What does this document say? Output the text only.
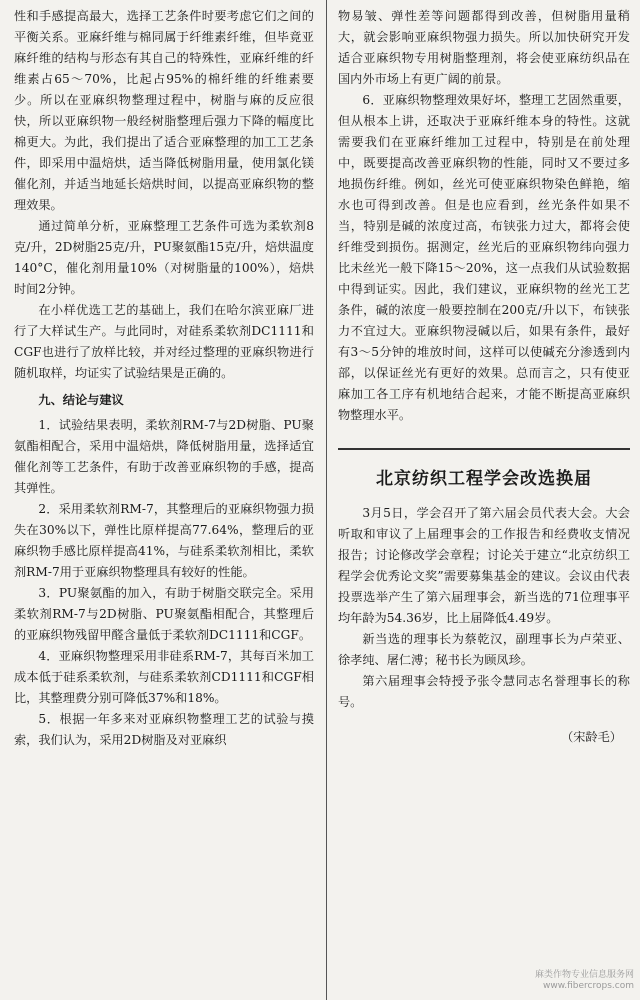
性和手感提高最大，选择工艺条件时要考虑它们之间的平衡关系。亚麻纤维与棉同属于纤维素纤维，但毕竟亚麻纤维的结构与形态有其自己的特殊性，亚麻纤维的纤维素占65～70%，比起占95%的棉纤维的纤维素要少。所以在亚麻织物整理过程中，树脂与麻的反应很快，所以亚麻织物一般经树脂整理后强力下降的幅度比棉更大。为此，我们提出了适合亚麻整理的加工工艺条件，即采用中温焙烘，适当降低树脂用量，使用氯化镁催化剂，并适当地延长焙烘时间，以提高亚麻织物的整理效果。

通过简单分析，亚麻整理工艺条件可选为柔软剂8克/升，2D树脂25克/升，PU聚氨酯15克/升，焙烘温度140°C，催化剂用量10%（对树脂量的100%），焙烘时间2分钟。

在小样优选工艺的基础上，我们在哈尔滨亚麻厂进行了大样试生产。与此同时，对硅系柔软剂DC1111和CGF也进行了放样比较，并对经过整理的亚麻织物进行随机取样，均证实了试验结果是正确的。

九、结论与建议

1．试验结果表明，柔软剂RM-7与2D树脂、PU聚氨酯相配合，采用中温焙烘，降低树脂用量，选择适宜催化剂等工艺条件，有助于改善亚麻织物的手感，提高其弹性。

2．采用柔软剂RM-7，其整理后的亚麻织物强力损失在30%以下，弹性比原样提高77.64%，整理后的亚麻织物手感比原样提高41%，与硅系柔软剂相比，柔软剂RM-7用于亚麻织物整理具有较好的性能。

3．PU聚氨酯的加入，有助于树脂交联完全。采用柔软剂RM-7与2D树脂、PU聚氨酯相配合，其整理后的亚麻织物残留甲醛含量低于柔软剂DC1111和CGF。

4．亚麻织物整理采用非硅系RM-7，其每百米加工成本低于硅系柔软剂，与硅系柔软剂CD1111和CGF相比，其整理费分别可降低37%和18%。

5．根据一年多来对亚麻织物整理工艺的试验与摸索，我们认为，采用2D树脂及对亚麻织

物易皱、弹性差等问题都得到改善，但树脂用量稍大，就会影响亚麻织物强力损失。所以加快研究开发适合亚麻织物专用树脂整理剂，将会使亚麻纺织品在国内外市场上有更广阔的前景。

6．亚麻织物整理效果好坏，整理工艺固然重要，但从根本上讲，还取决于亚麻纤维本身的特性。这就需要我们在亚麻纤维加工过程中，特别是在前处理中，既要提高改善亚麻织物的性能，同时又不要过多地损伤纤维。例如，丝光可使亚麻织物染色鲜艳，缩水也可得到改善。但是也应看到，丝光条件如果不当，特别是碱的浓度过高，布铗张力过大，都将会使纤维受到损伤。据测定，丝光后的亚麻织物纬向强力比未丝光一般下降15～20%，这一点我们从试验数据中得到证实。因此，我们建议，亚麻织物的丝光工艺条件，碱的浓度一般要控制在200克/升以下，布铗张力不宜过大。亚麻织物浸碱以后，如果有条件，最好有3～5分钟的堆放时间，这样可以使碱充分渗透到内部，以保证丝光有更好的效果。总而言之，只有使亚麻加工各工序有机地结合起来，才能不断提高亚麻织物整理水平。

北京纺织工程学会改选换届

3月5日，学会召开了第六届会员代表大会。大会听取和审议了上届理事会的工作报告和经费收支情况报告；讨论修改学会章程；讨论关于建立“北京纺织工程学会优秀论文奖”需要募集基金的建议。会议由代表投票选举产生了第六届理事会，新当选的71位理事平均年龄为54.36岁，比上届降低4.49岁。

新当选的理事长为蔡乾汉，副理事长为卢荣亚、徐孝纯、屠仁溥；秘书长为顾凤珍。

第六届理事会特授予张令慧同志名誉理事长的称号。

（宋龄毛）

麻类作物专业信息服务网
www.fibercrops.com
